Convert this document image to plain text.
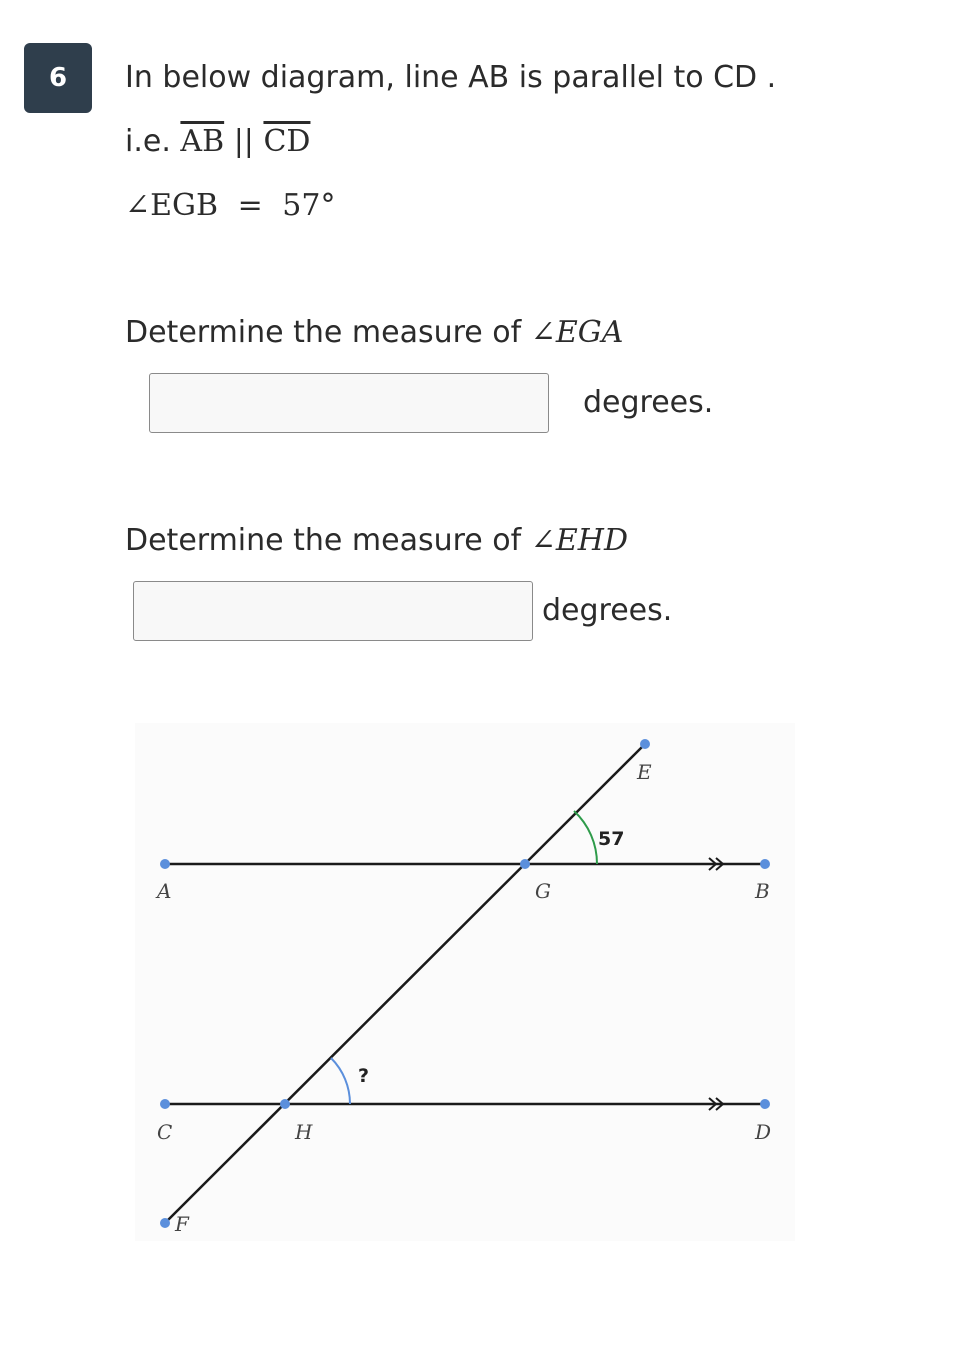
6	In below diagram, line AB is parallel to CD .
i.e. $\overline{AB}$ || $\overline{CD}$
∠EGB = 57°
Determine the measure of ∠EGA
degrees.
Determine the measure of ∠EHD
degrees.
A	B
C	D
E
F
G
H
57
?
